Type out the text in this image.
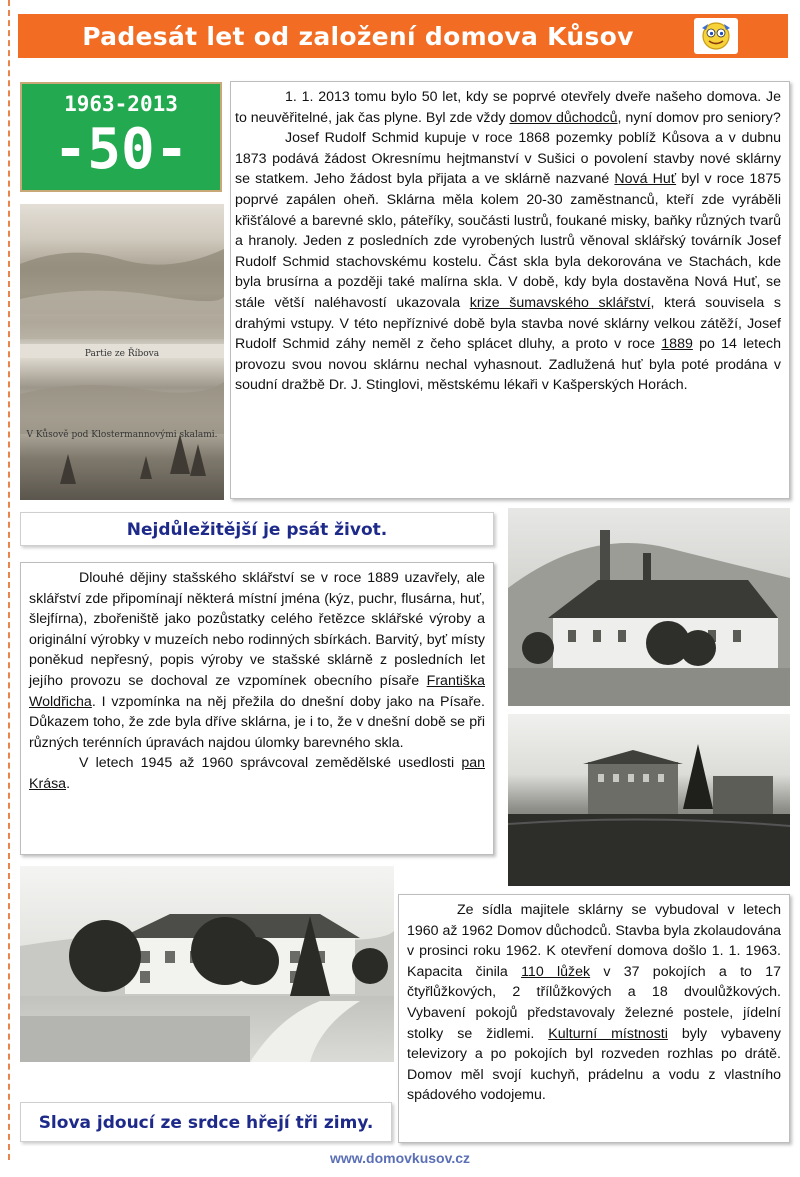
Padesát let od založení domova Kůsov
1963-2013
-50-
Partie ze Říbova
V Kůsově pod Klostermannovými skalami.

1. 1. 2013 tomu bylo 50 let, kdy se poprvé otevřely dveře našeho domova. Je to neuvěřitelné, jak čas plyne. Byl zde vždy domov důchodců, nyní domov pro seniory?

Josef Rudolf Schmid kupuje v roce 1868 pozemky poblíž Kůsova a v dubnu 1873 podává žádost Okresnímu hejtmanství v Sušici o povolení stavby nové sklárny se statkem. Jeho žádost byla přijata a ve sklárně nazvané Nová Huť byl v roce 1875 poprvé zapálen oheň. Sklárna měla kolem 20-30 zaměstnanců, kteří zde vyráběli křišťálové a barevné sklo, páteříky, součásti lustrů, foukané misky, baňky různých tvarů a hranoly. Jeden z posledních zde vyrobených lustrů věnoval sklářský továrník Josef Rudolf Schmid stachovskému kostelu. Část skla byla dekorována ve Stachách, kde byla brusírna a později také malírna skla. V době, kdy byla dostavěna Nová Huť, se stále větší naléhavostí ukazovala krize šumavského sklářství, která souvisela s drahými vstupy. V této nepříznivé době byla stavba nové sklárny velkou zátěží, Josef Rudolf Schmid záhy neměl z čeho splácet dluhy, a proto v roce 1889 po 14 letech provozu svou novou sklárnu nechal vyhasnout. Zadlužená huť byla poté prodána v soudní dražbě Dr. J. Stinglovi, městskému lékaři v Kašperských Horách.

Nejdůležitější je psát život.

Dlouhé dějiny stašského sklářství se v roce 1889 uzavřely, ale sklářství zde připomínají některá místní jména (kýz, puchr, flusárna, huť, šlejfírna), zbořeniště jako pozůstatky celého řetězce sklářské výroby a originální výrobky v muzeích nebo rodinných sbírkách. Barvitý, byť místy poněkud nepřesný, popis výroby ve stašské sklárně z posledních let jejího provozu se dochoval ze vzpomínek obecního písaře Františka Woldřicha. I vzpomínka na něj přežila do dnešní doby jako na Písaře. Důkazem toho, že zde byla dříve sklárna, je i to, že v dnešní době se při různých terénních úpravách najdou úlomky barevného skla.

V letech 1945 až 1960 správcoval zemědělské usedlosti pan Krása.

Ze sídla majitele sklárny se vybudoval v letech 1960 až 1962 Domov důchodců. Stavba byla zkolaudována v prosinci roku 1962. K otevření domova došlo 1. 1. 1963. Kapacita činila 110 lůžek v 37 pokojích a to 17 čtyřlůžkových, 2 třílůžkových a 18 dvoulůžkových. Vybavení pokojů představovaly železné postele, jídelní stolky se židlemi. Kulturní místnosti byly vybaveny televizory a po pokojích byl rozveden rozhlas po drátě. Domov měl svojí kuchyň, prádelnu a vodu z vlastního spádového vodojemu.

Slova jdoucí ze srdce hřejí tři zimy.
www.domovkusov.cz
